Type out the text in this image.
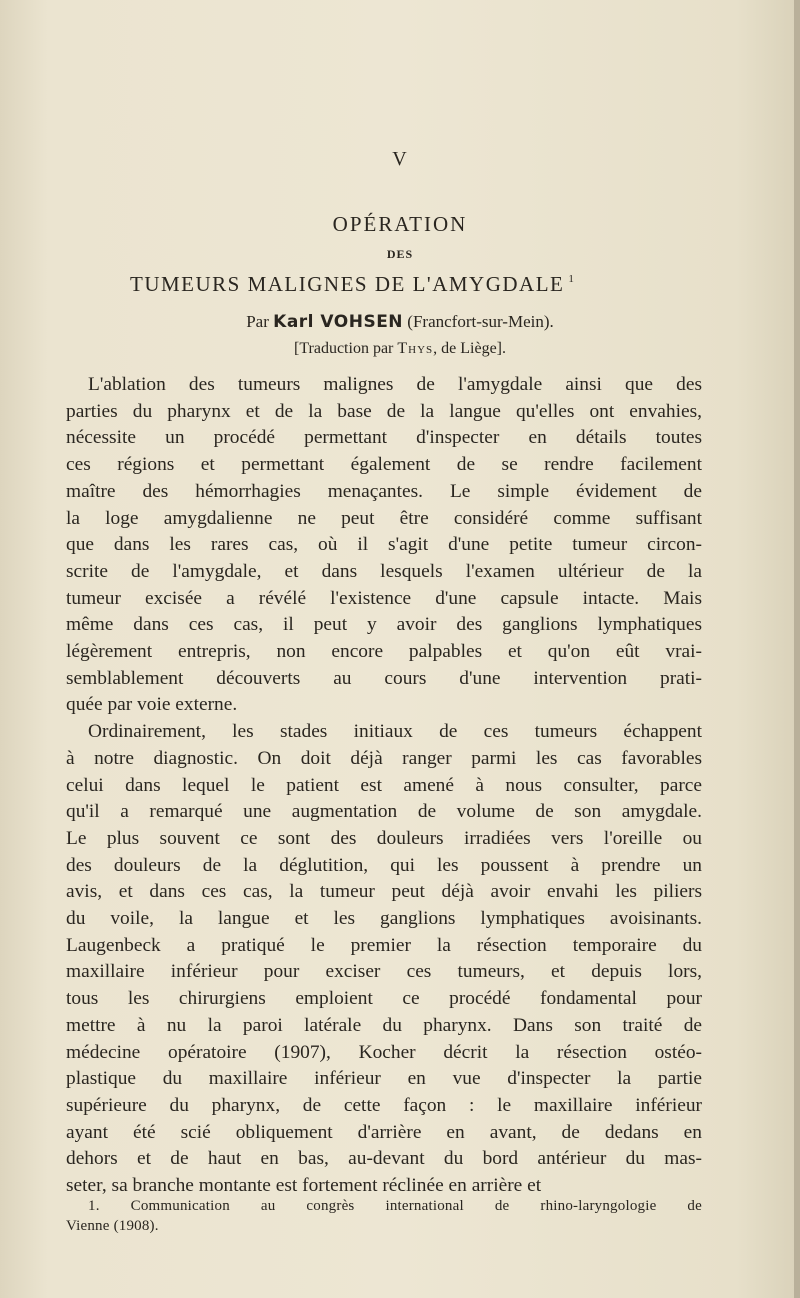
V
OPÉRATION
DES
TUMEURS MALIGNES DE L'AMYGDALE $^1$
Par Karl VOHSEN (Francfort-sur-Mein).
[Traduction par Thys, de Liège].

L'ablation des tumeurs malignes de l'amygdale ainsi que des
parties du pharynx et de la base de la langue qu'elles ont envahies,
nécessite un procédé permettant d'inspecter en détails toutes
ces régions et permettant également de se rendre facilement
maître des hémorrhagies menaçantes. Le simple évidement de
la loge amygdalienne ne peut être considéré comme suffisant
que dans les rares cas, où il s'agit d'une petite tumeur circon-
scrite de l'amygdale, et dans lesquels l'examen ultérieur de la
tumeur excisée a révélé l'existence d'une capsule intacte. Mais
même dans ces cas, il peut y avoir des ganglions lymphatiques
légèrement entrepris, non encore palpables et qu'on eût vrai-
semblablement découverts au cours d'une intervention prati-
quée par voie externe.

Ordinairement, les stades initiaux de ces tumeurs échappent
à notre diagnostic. On doit déjà ranger parmi les cas favorables
celui dans lequel le patient est amené à nous consulter, parce
qu'il a remarqué une augmentation de volume de son amygdale.
Le plus souvent ce sont des douleurs irradiées vers l'oreille ou
des douleurs de la déglutition, qui les poussent à prendre un
avis, et dans ces cas, la tumeur peut déjà avoir envahi les piliers
du voile, la langue et les ganglions lymphatiques avoisinants.
Laugenbeck a pratiqué le premier la résection temporaire du
maxillaire inférieur pour exciser ces tumeurs, et depuis lors,
tous les chirurgiens emploient ce procédé fondamental pour
mettre à nu la paroi latérale du pharynx. Dans son traité de
médecine opératoire (1907), Kocher décrit la résection ostéo-
plastique du maxillaire inférieur en vue d'inspecter la partie
supérieure du pharynx, de cette façon : le maxillaire inférieur
ayant été scié obliquement d'arrière en avant, de dedans en
dehors et de haut en bas, au-devant du bord antérieur du mas-
seter, sa branche montante est fortement réclinée en arrière et

1. Communication au congrès international de rhino-laryngologie de
Vienne (1908).
